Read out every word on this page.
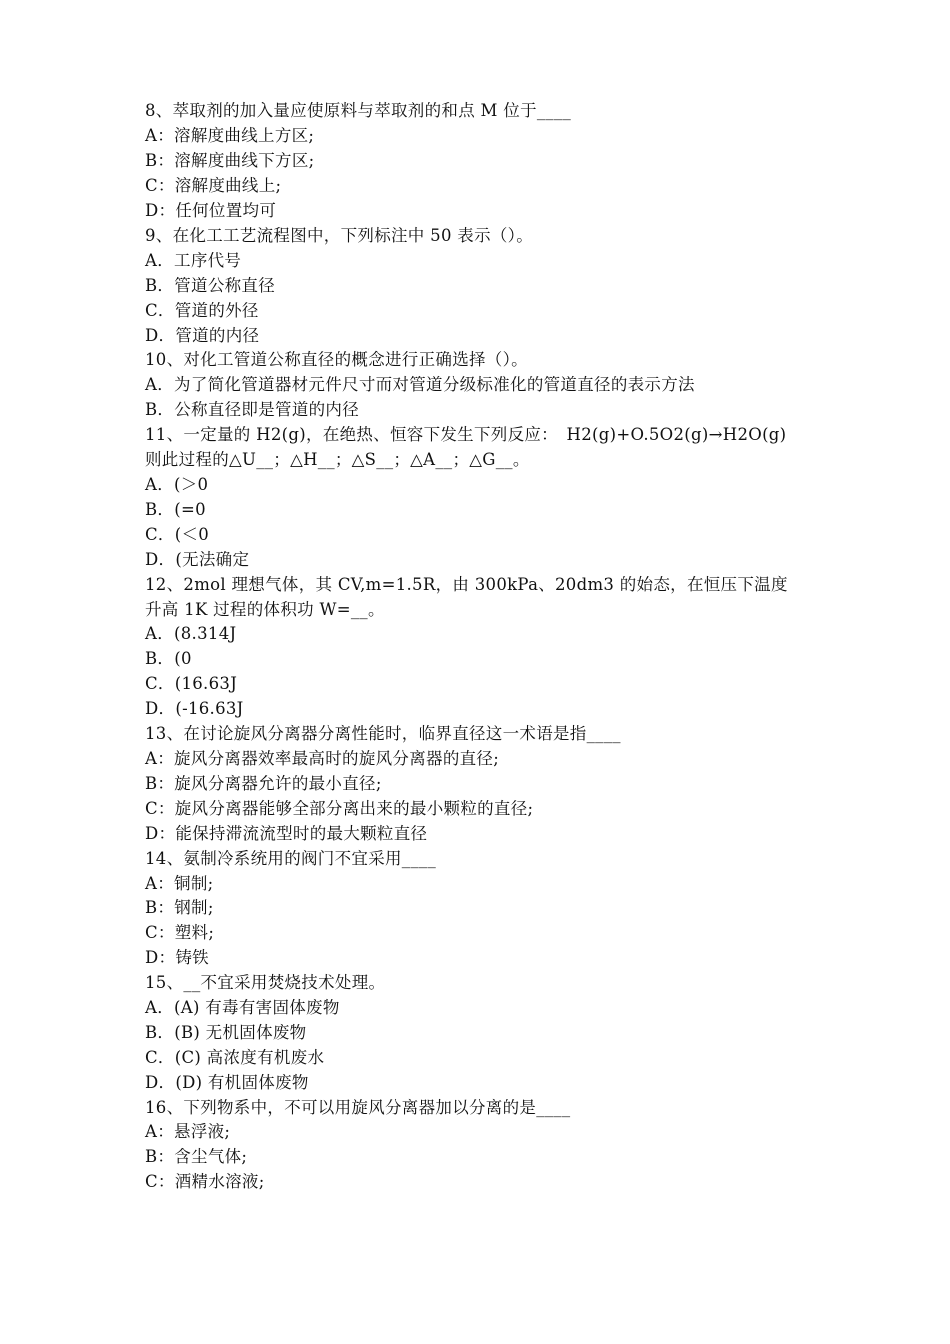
8、萃取剂的加入量应使原料与萃取剂的和点 M 位于____
A：溶解度曲线上方区;
B：溶解度曲线下方区;
C：溶解度曲线上;
D：任何位置均可
9、在化工工艺流程图中，下列标注中 50 表示（）。
A．工序代号
B．管道公称直径
C．管道的外径
D．管道的内径
10、对化工管道公称直径的概念进行正确选择（）。
A．为了简化管道器材元件尺寸而对管道分级标准化的管道直径的表示方法
B．公称直径即是管道的内径
11、一定量的 H2(g)，在绝热、恒容下发生下列反应：　H2(g)+O.5O2(g)→H2O(g)
则此过程的△U__；△H__；△S__；△A__；△G__。
A．(＞0
B．(=0
C．(＜0
D．(无法确定
12、2mol 理想气体，其 CV,m=1.5R，由 300kPa、20dm3 的始态，在恒压下温度
升高 1K 过程的体积功 W=__。
A．(8.314J
B．(0
C．(16.63J
D．(-16.63J
13、在讨论旋风分离器分离性能时，临界直径这一术语是指____
A：旋风分离器效率最高时的旋风分离器的直径;
B：旋风分离器允许的最小直径;
C：旋风分离器能够全部分离出来的最小颗粒的直径;
D：能保持滞流流型时的最大颗粒直径
14、氨制冷系统用的阀门不宜采用____
A：铜制;
B：钢制;
C：塑料;
D：铸铁
15、__不宜采用焚烧技术处理。
A．(A) 有毒有害固体废物
B．(B) 无机固体废物
C．(C) 高浓度有机废水
D．(D) 有机固体废物
16、下列物系中，不可以用旋风分离器加以分离的是____
A：悬浮液;
B：含尘气体;
C：酒精水溶液;
